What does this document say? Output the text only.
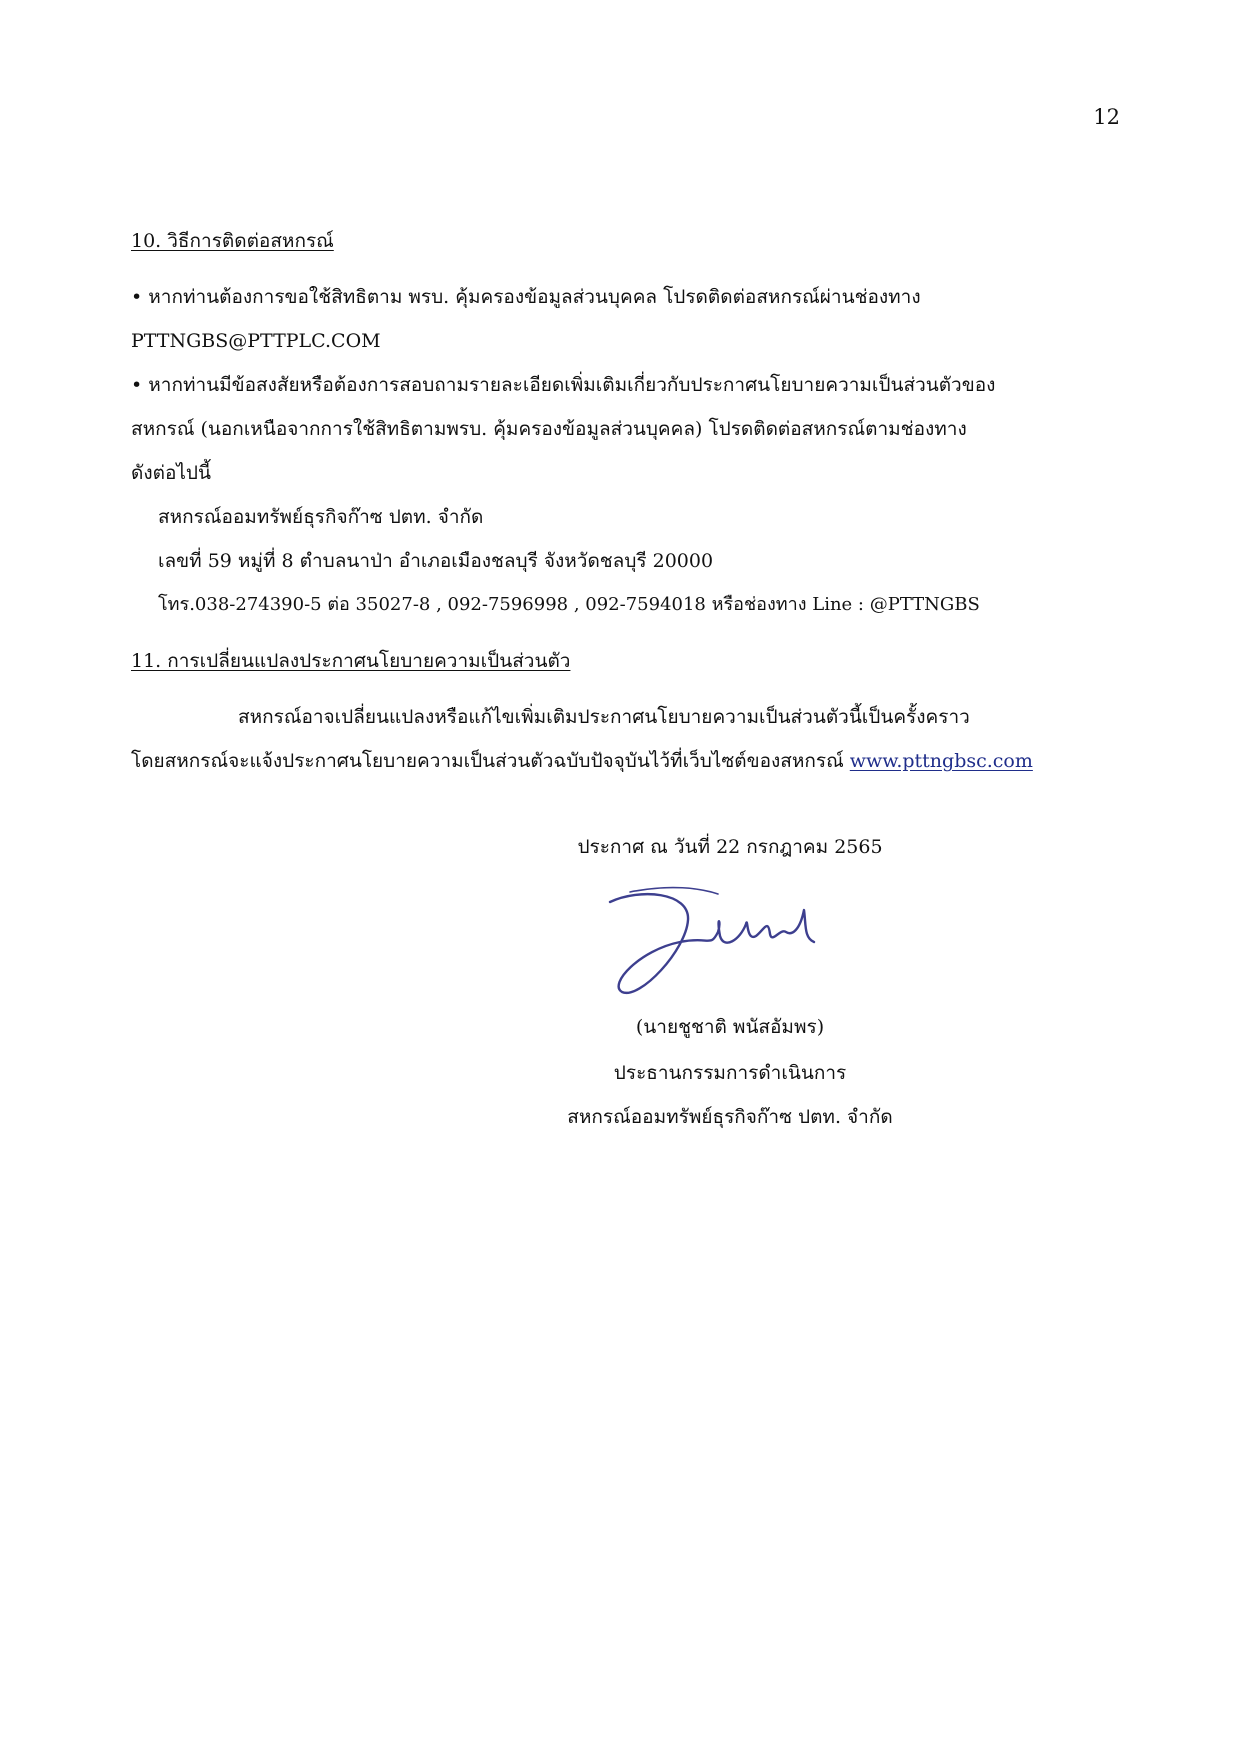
12
10. วิธีการติดต่อสหกรณ์
• หากท่านต้องการขอใช้สิทธิตาม พรบ. คุ้มครองข้อมูลส่วนบุคคล โปรดติดต่อสหกรณ์ผ่านช่องทาง
PTTNGBS@PTTPLC.COM
• หากท่านมีข้อสงสัยหรือต้องการสอบถามรายละเอียดเพิ่มเติมเกี่ยวกับประกาศนโยบายความเป็นส่วนตัวของ
สหกรณ์ (นอกเหนือจากการใช้สิทธิตามพรบ. คุ้มครองข้อมูลส่วนบุคคล) โปรดติดต่อสหกรณ์ตามช่องทาง
ดังต่อไปนี้
สหกรณ์ออมทรัพย์ธุรกิจก๊าซ ปตท. จำกัด
เลขที่ 59 หมู่ที่ 8 ตำบลนาป่า อำเภอเมืองชลบุรี จังหวัดชลบุรี 20000
โทร.038-274390-5 ต่อ 35027-8 , 092-7596998 , 092-7594018 หรือช่องทาง Line : @PTTNGBS
11. การเปลี่ยนแปลงประกาศนโยบายความเป็นส่วนตัว
สหกรณ์อาจเปลี่ยนแปลงหรือแก้ไขเพิ่มเติมประกาศนโยบายความเป็นส่วนตัวนี้เป็นครั้งคราว
โดยสหกรณ์จะแจ้งประกาศนโยบายความเป็นส่วนตัวฉบับปัจจุบันไว้ที่เว็บไซต์ของสหกรณ์ www.pttngbsc.com
ประกาศ ณ วันที่ 22 กรกฎาคม 2565
(นายชูชาติ พนัสอัมพร)
ประธานกรรมการดำเนินการ
สหกรณ์ออมทรัพย์ธุรกิจก๊าซ ปตท. จำกัด
